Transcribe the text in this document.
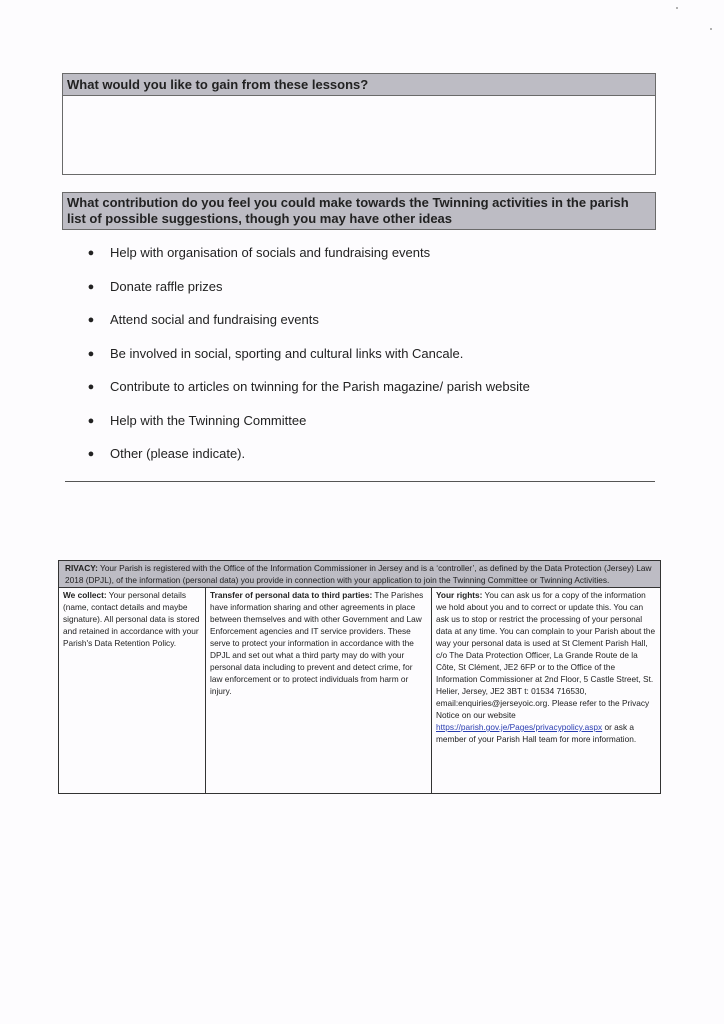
What would you like to gain from these lessons?
What contribution do you feel you could make towards the Twinning activities in the parish list of possible suggestions, though you may have other ideas
●	Help with organisation of socials and fundraising events
●	Donate raffle prizes
●	Attend social and fundraising events
●	Be involved in social, sporting and cultural links with Cancale.
●	Contribute to articles on twinning for the Parish magazine/ parish website
●	Help with the Twinning Committee
●	Other (please indicate).
RIVACY: Your Parish is registered with the Office of the Information Commissioner in Jersey and is a ‘controller’, as defined by the Data Protection (Jersey) Law 2018 (DPJL), of the information (personal data) you provide in connection with your application to join the Twinning Committee or Twinning Activities.
We collect: Your personal details (name, contact details and maybe signature). All personal data is stored and retained in accordance with your Parish's Data Retention Policy.	Transfer of personal data to third parties: The Parishes have information sharing and other agreements in place between themselves and with other Government and Law Enforcement agencies and IT service providers. These serve to protect your information in accordance with the DPJL and set out what a third party may do with your personal data including to prevent and detect crime, for law enforcement or to protect individuals from harm or injury.	Your rights: You can ask us for a copy of the information we hold about you and to correct or update this. You can ask us to stop or restrict the processing of your personal data at any time. You can complain to your Parish about the way your personal data is used at St Clement Parish Hall, c/o The Data Protection Officer, La Grande Route de la Côte, St Clément, JE2 6FP or to the Office of the Information Commissioner at 2nd Floor, 5 Castle Street, St. Helier, Jersey, JE2 3BT t: 01534 716530, email:enquiries@jerseyoic.org. Please refer to the Privacy Notice on our website https://parish.gov.je/Pages/privacypolicy.aspx or ask a member of your Parish Hall team for more information.
